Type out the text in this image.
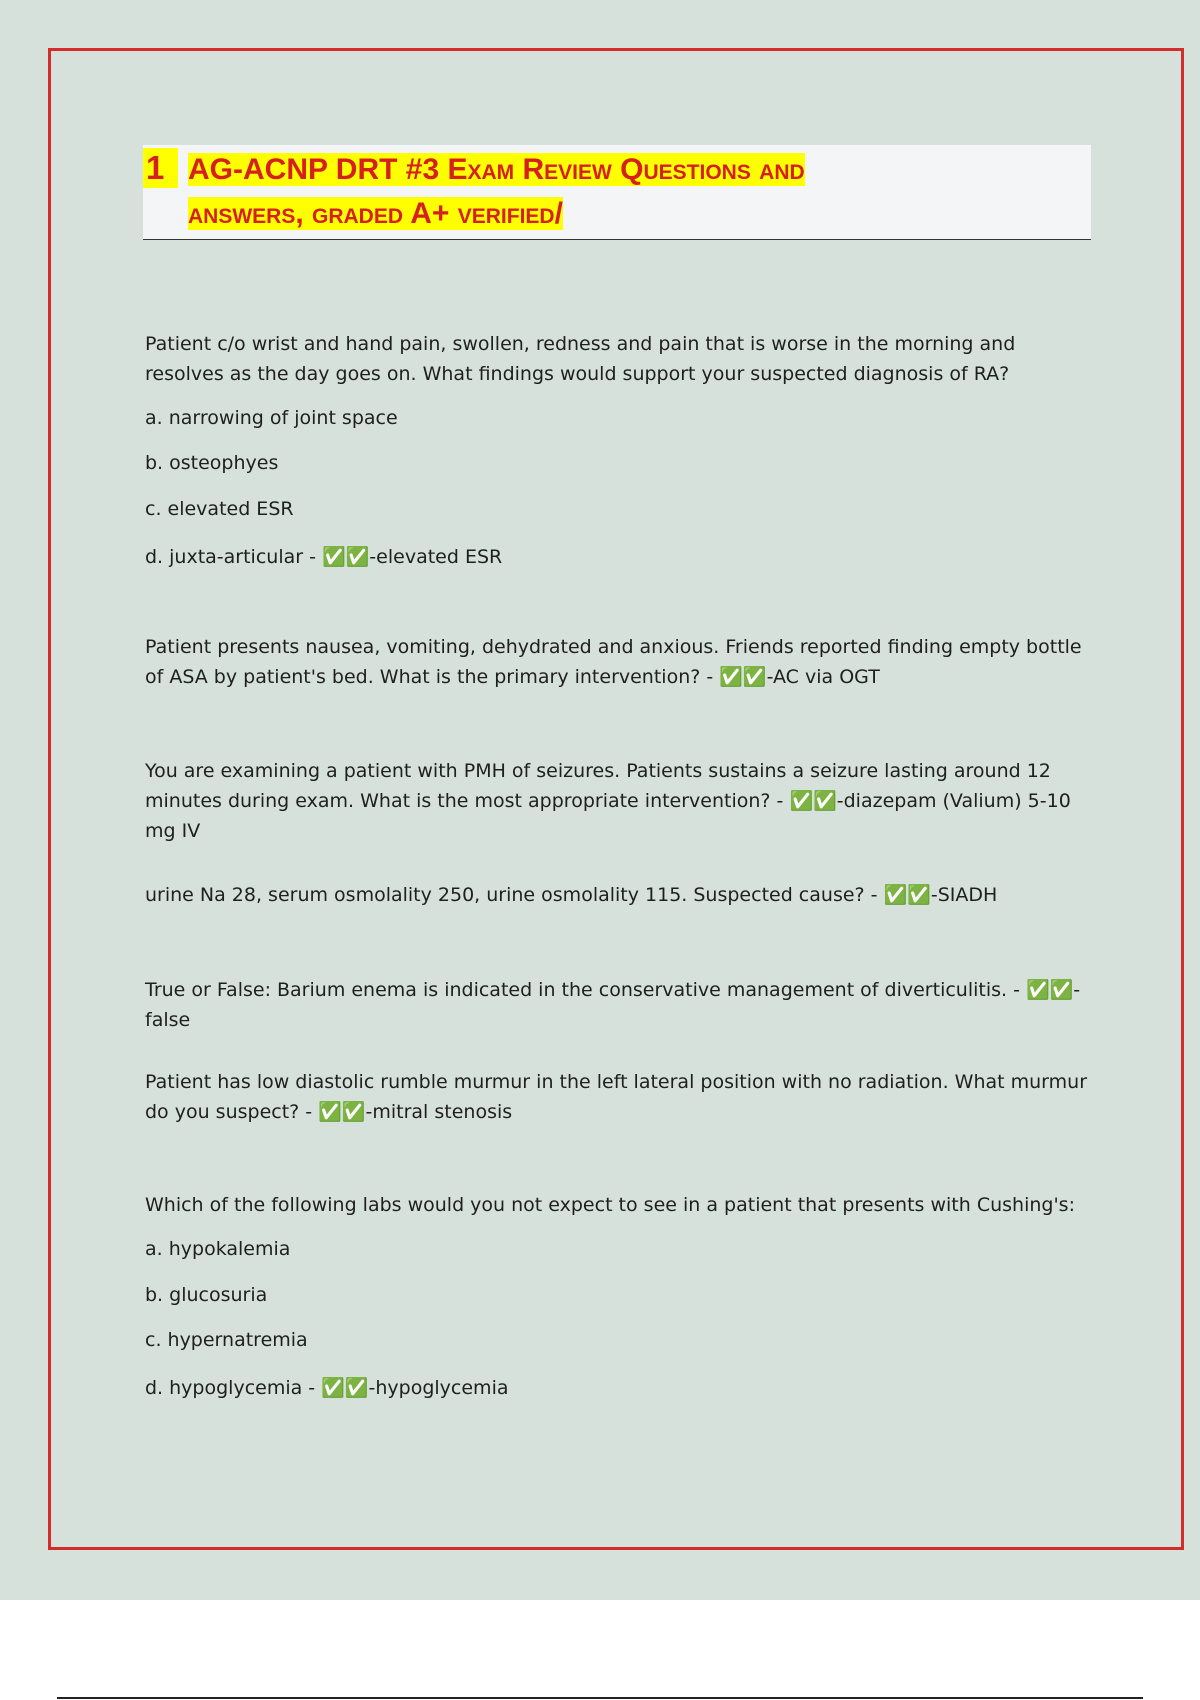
1 AG-ACNP DRT #3 Exam Review Questions and
answers, graded A+ verified/
Patient c/o wrist and hand pain, swollen, redness and pain that is worse in the morning and resolves as the day goes on. What findings would support your suspected diagnosis of RA?
a. narrowing of joint space
b. osteophyes
c. elevated ESR
d. juxta-articular - ✅✅-elevated ESR
Patient presents nausea, vomiting, dehydrated and anxious. Friends reported finding empty bottle of ASA by patient's bed. What is the primary intervention? - ✅✅-AC via OGT
You are examining a patient with PMH of seizures. Patients sustains a seizure lasting around 12 minutes during exam. What is the most appropriate intervention? - ✅✅-diazepam (Valium) 5-10 mg IV
urine Na 28, serum osmolality 250, urine osmolality 115. Suspected cause? - ✅✅-SIADH
True or False: Barium enema is indicated in the conservative management of diverticulitis. - ✅✅-false
Patient has low diastolic rumble murmur in the left lateral position with no radiation. What murmur do you suspect? - ✅✅-mitral stenosis
Which of the following labs would you not expect to see in a patient that presents with Cushing's:
a. hypokalemia
b. glucosuria
c. hypernatremia
d. hypoglycemia - ✅✅-hypoglycemia
